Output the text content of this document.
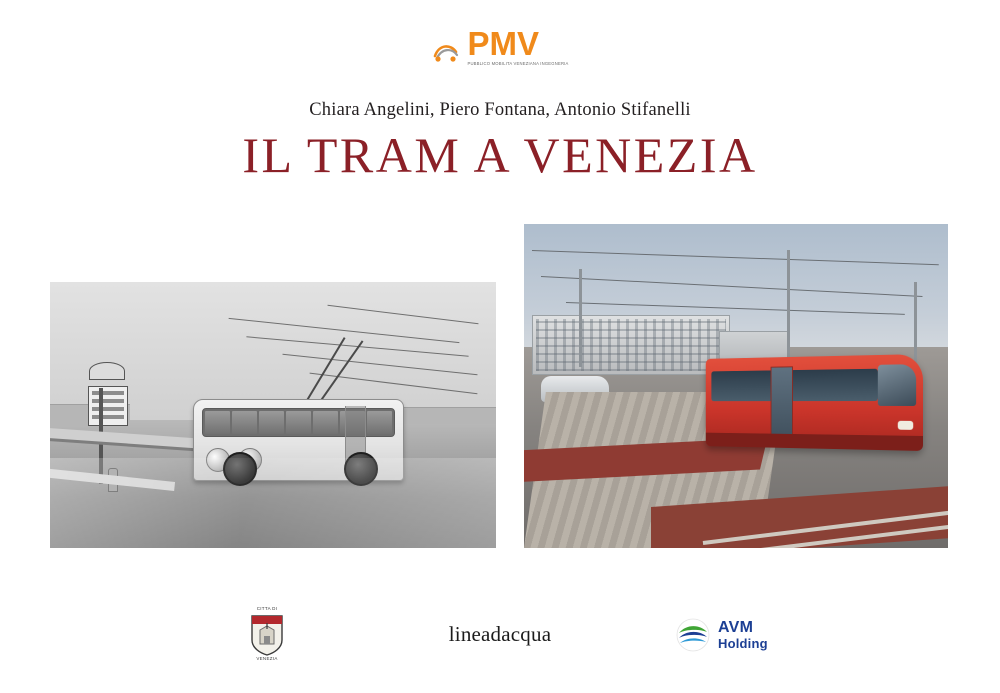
PMV
PUBBLICO MOBILITA VENEZIANA INGEGNERIA
Chiara Angelini, Piero Fontana, Antonio Stifanelli
IL TRAM A VENEZIA
CITTA DI
VENEZIA
lineadacqua	AVM
Holding
